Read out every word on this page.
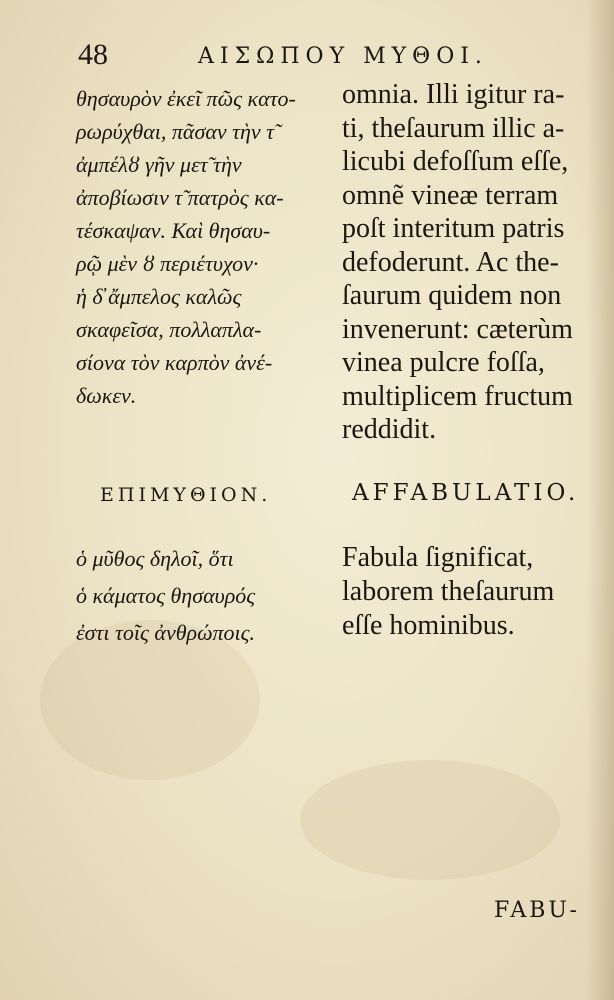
48	ΑΙΣΩΠΟΥ ΜΥΘΟΙ.
θησαυρὸν ἐκεῖ πῶς κατο-
ρωρύχθαι, πᾶσαν τὴν τ̃
ἀμπέλȣ γῆν μετ̃ τὴν
ἀποβίωσιν τ̃ πατρὸς κα-
τέσκαψαν. Καὶ θησαυ-
ρῷ μὲν ȣ περιέτυχον·
ἡ δ̓ ἄμπελος καλῶς
σκαφεῖσα, πολλαπλα-
σίονα τὸν καρπὸν ἀνέ-
δωκεν.
omnia. Illi igitur ra-
ti, theſaurum illic a-
licubi defoſſum eſſe,
omnẽ vineæ terram
poſt interitum patris
defoderunt. Ac the-
ſaurum quidem non
invenerunt: cæterùm
vinea pulcre foſſa,
multiplicem fructum
reddidit.
ΕΠΙΜΥΘΙΟΝ.	AFFABULATIO.
ὁ μῦθος δηλοῖ, ὅτι
ὁ κάματος θησαυρός
ἐστι τοῖς ἀνθρώποις.
Fabula ſignificat,
laborem theſaurum
eſſe hominibus.
FABU-
